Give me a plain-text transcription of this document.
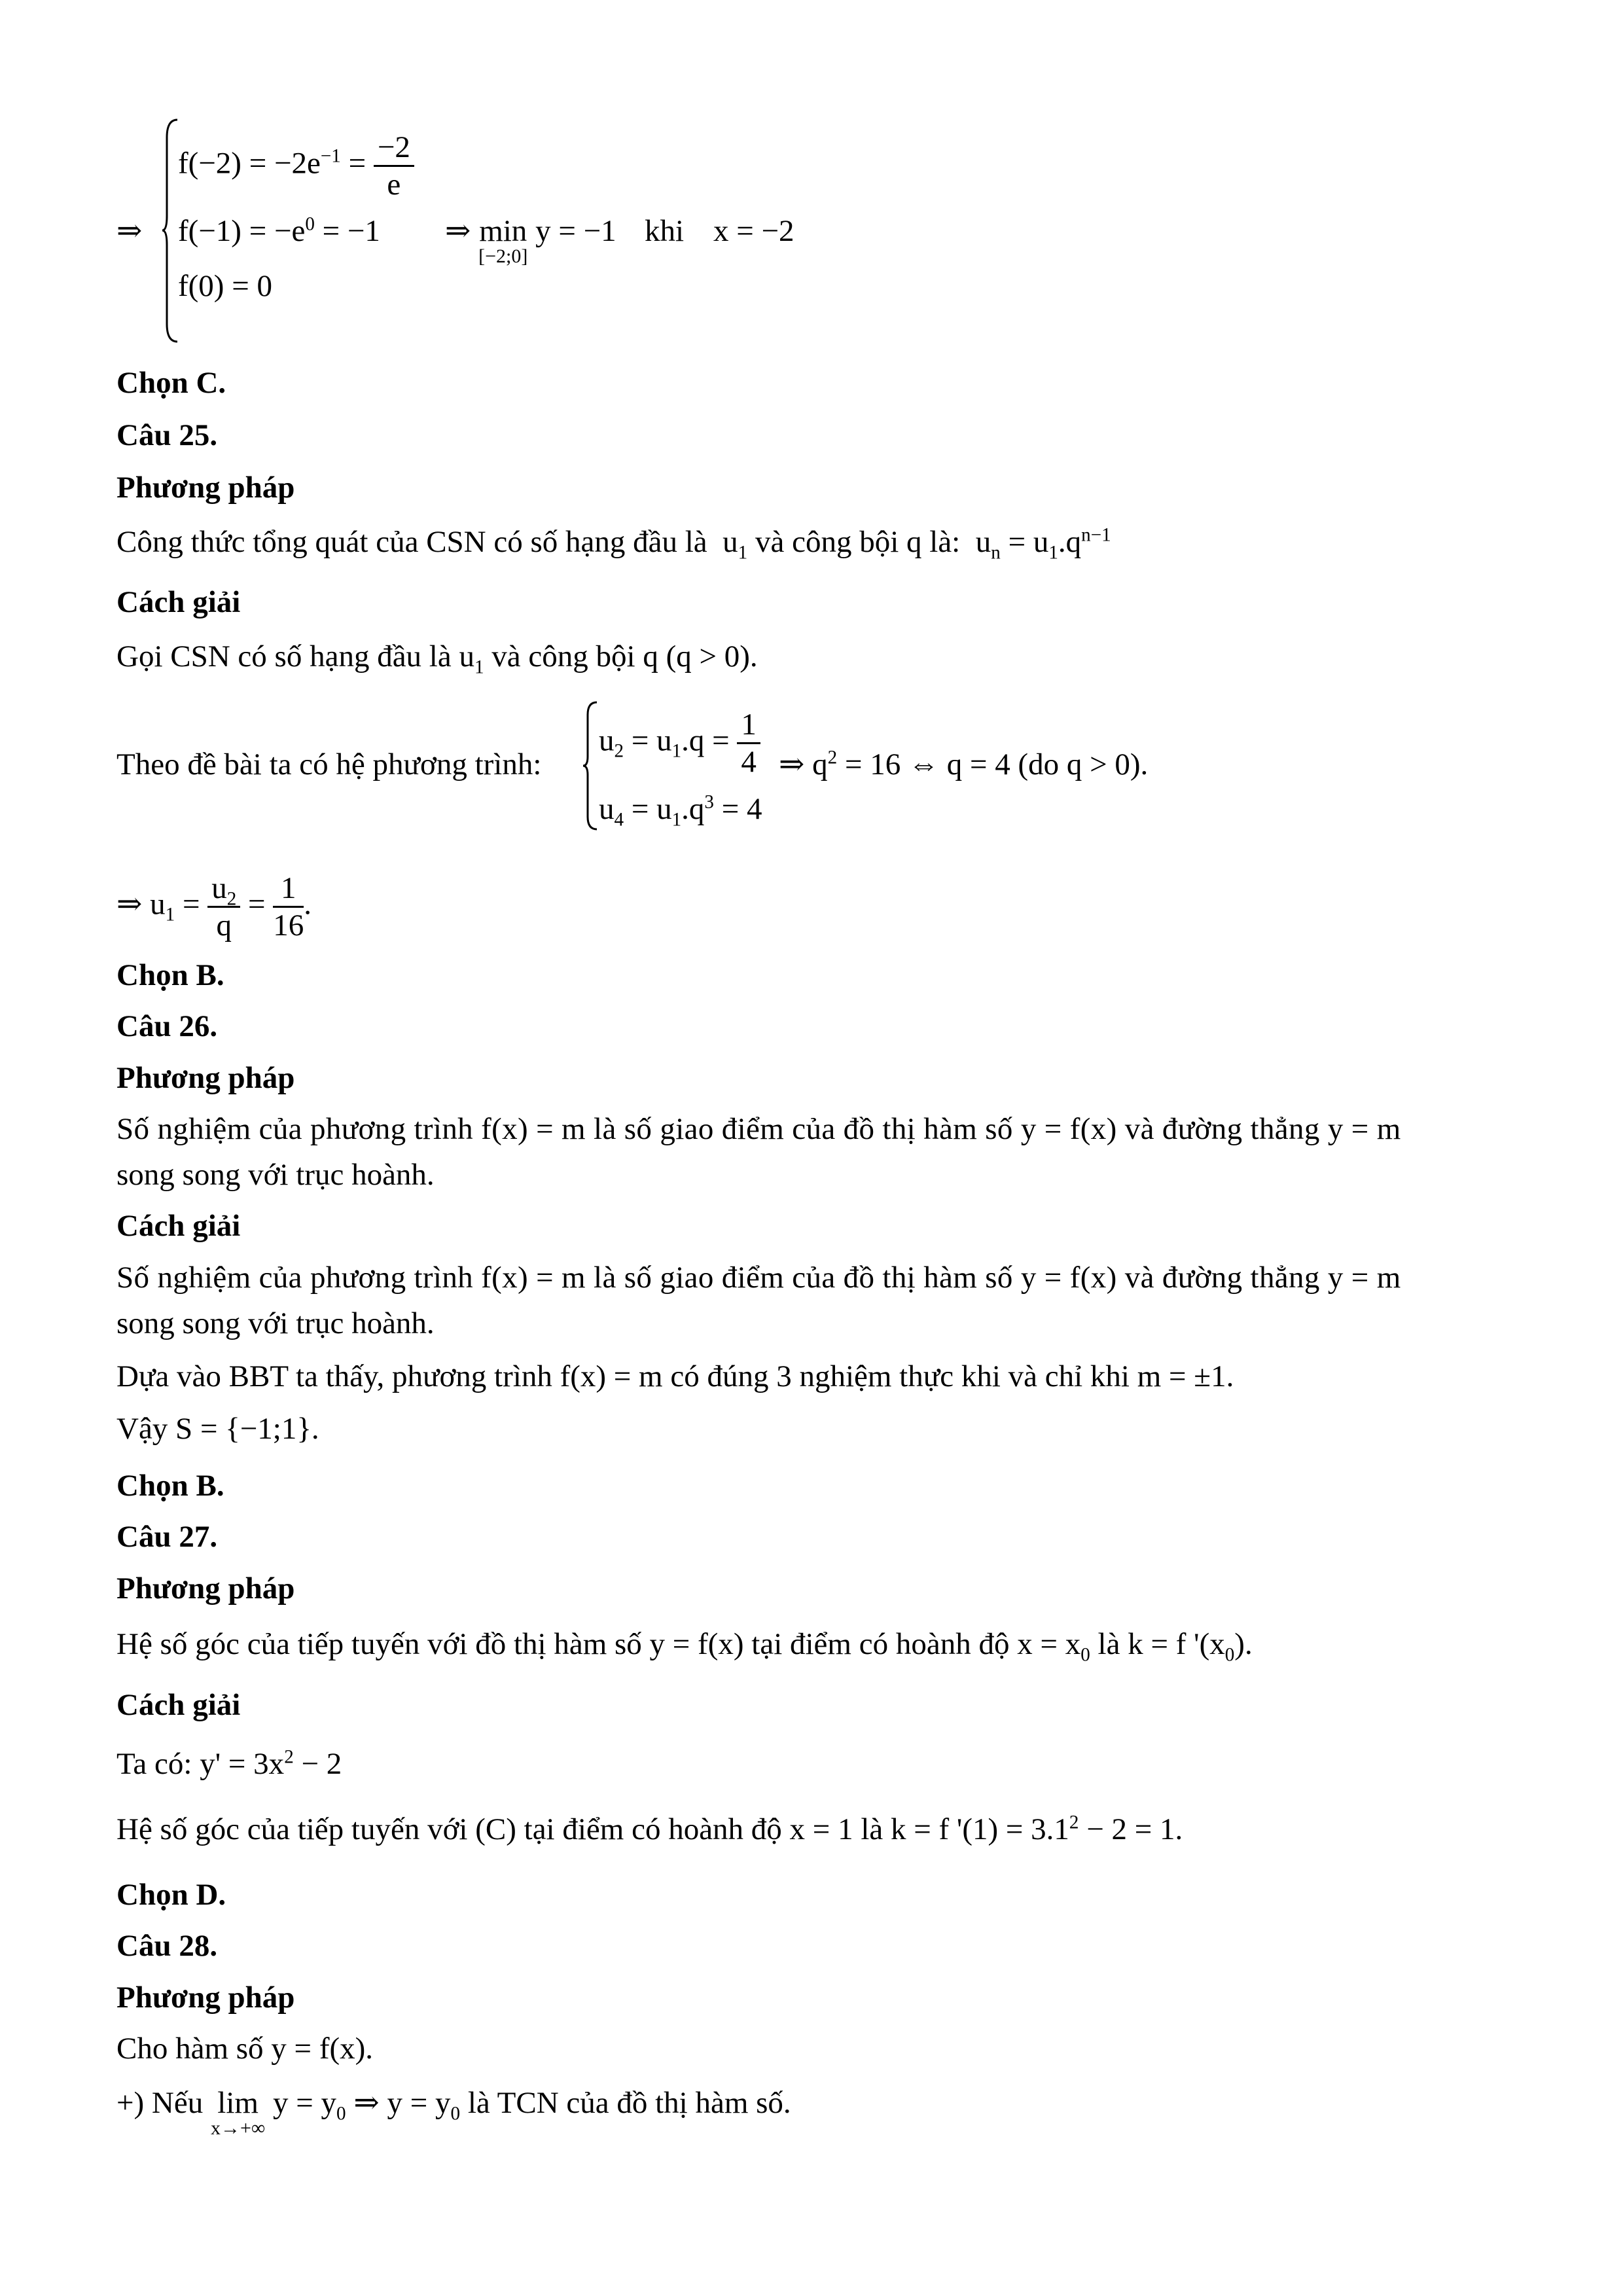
⇒
$f(-2) = -2e^{-1} = \frac{-2}{e}$
$f(-1) = -e^0 = -1$
f(0) = 0
⇒ min
[−2;0]
y = −1 khi x = −2
Chọn C.
Câu 25.
Phương pháp
Công thức tổng quát của CSN có số hạng đầu là $u_1$ và công bội q là: $u_n = u_1.q^{n-1}$
Cách giải
Gọi CSN có số hạng đầu là $u_1$ và công bội q (q > 0).
Theo đề bài ta có hệ phương trình:
$u_2 = u_1.q = \frac{1}{4}$ ⇒ $q^2 = 16$ ⇔ q = 4 (do q > 0).
$u_4 = u_1.q^3 = 4$
⇒ $u_1 = \frac{u_2}{q} = \frac{1}{16}$ .
Chọn B.
Câu 26.
Phương pháp
Số nghiệm của phương trình f(x) = m là số giao điểm của đồ thị hàm số y = f(x) và đường thẳng y = m
song song với trục hoành.
Cách giải
Số nghiệm của phương trình f(x) = m là số giao điểm của đồ thị hàm số y = f(x) và đường thẳng y = m
song song với trục hoành.
Dựa vào BBT ta thấy, phương trình f(x) = m có đúng 3 nghiệm thực khi và chỉ khi m = ±1.
Vậy S = {−1;1}.
Chọn B.
Câu 27.
Phương pháp
Hệ số góc của tiếp tuyến với đồ thị hàm số y = f(x) tại điểm có hoành độ $x = x_0$ là k = f '$(x_0)$.
Cách giải
Ta có: $y' = 3x^2 - 2$
Hệ số góc của tiếp tuyến với (C) tại điểm có hoành độ x = 1 là k = f '$(1) = 3.1^2 - 2 = 1$.
Chọn D.
Câu 28.
Phương pháp
Cho hàm số y = f(x).
+) Nếu lim
x→+∞
$y = y_0$ ⇒ $y = y_0$ là TCN của đồ thị hàm số.
